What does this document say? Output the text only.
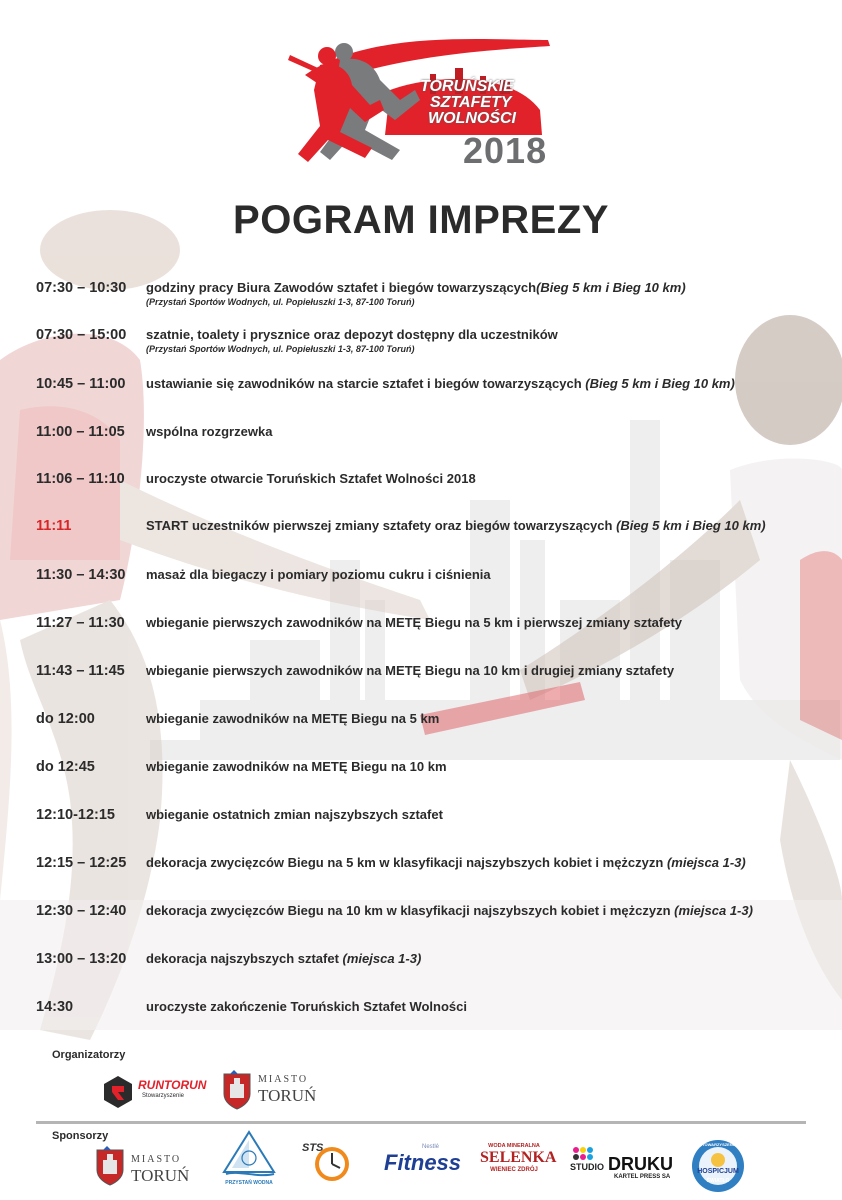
TORUŃSKIE
SZTAFETY
WOLNOŚCI
2018
POGRAM IMPREZY
07:30 – 10:30 godziny pracy Biura Zawodów sztafet i biegów towarzyszących(Bieg 5 km i Bieg 10 km)
(Przystań Sportów Wodnych, ul. Popiełuszki 1-3, 87-100 Toruń)
07:30 – 15:00 szatnie, toalety i prysznice oraz depozyt dostępny dla uczestników
(Przystań Sportów Wodnych, ul. Popiełuszki 1-3, 87-100 Toruń)
10:45 – 11:00 ustawianie się zawodników na starcie sztafet i biegów towarzyszących (Bieg 5 km i Bieg 10 km)
11:00 – 11:05 wspólna rozgrzewka
11:06 – 11:10 uroczyste otwarcie Toruńskich Sztafet Wolności 2018
11:11	START uczestników pierwszej zmiany sztafety oraz biegów towarzyszących (Bieg 5 km i Bieg 10 km)
11:30 – 14:30 masaż dla biegaczy i pomiary poziomu cukru i ciśnienia
11:27 – 11:30 wbieganie pierwszych zawodników na METĘ Biegu na 5 km i pierwszej zmiany sztafety
11:43 – 11:45 wbieganie pierwszych zawodników na METĘ Biegu na 10 km i drugiej zmiany sztafety
do 12:00	wbieganie zawodników na METĘ Biegu na 5 km
do 12:45	wbieganie zawodników na METĘ Biegu na 10 km
12:10-12:15 wbieganie ostatnich zmian najszybszych sztafet
12:15 – 12:25 dekoracja zwycięzców Biegu na 5 km w klasyfikacji najszybszych kobiet i mężczyzn (miejsca 1-3)
12:30 – 12:40 dekoracja zwycięzców Biegu na 10 km w klasyfikacji najszybszych kobiet i mężczyzn (miejsca 1-3)
13:00 – 13:20 dekoracja najszybszych sztafet (miejsca 1-3)
14:30	uroczyste zakończenie Toruńskich Sztafet Wolności
Organizatorzy
RUNTORUN
Stowarzyszenie
MIASTO
TORUŃ
Sponsorzy
MIASTO
TORUŃ	PRZYSTAŃ WODNA
STS	Nestlé
Fitness
WODA MINERALNA
SELENKA
WIENIEC ZDRÓJ	STUDIO DRUKU
KARTEL PRESS SA
STOWARZYSZENIE
HOSPICJUM
ŚWIATŁO
